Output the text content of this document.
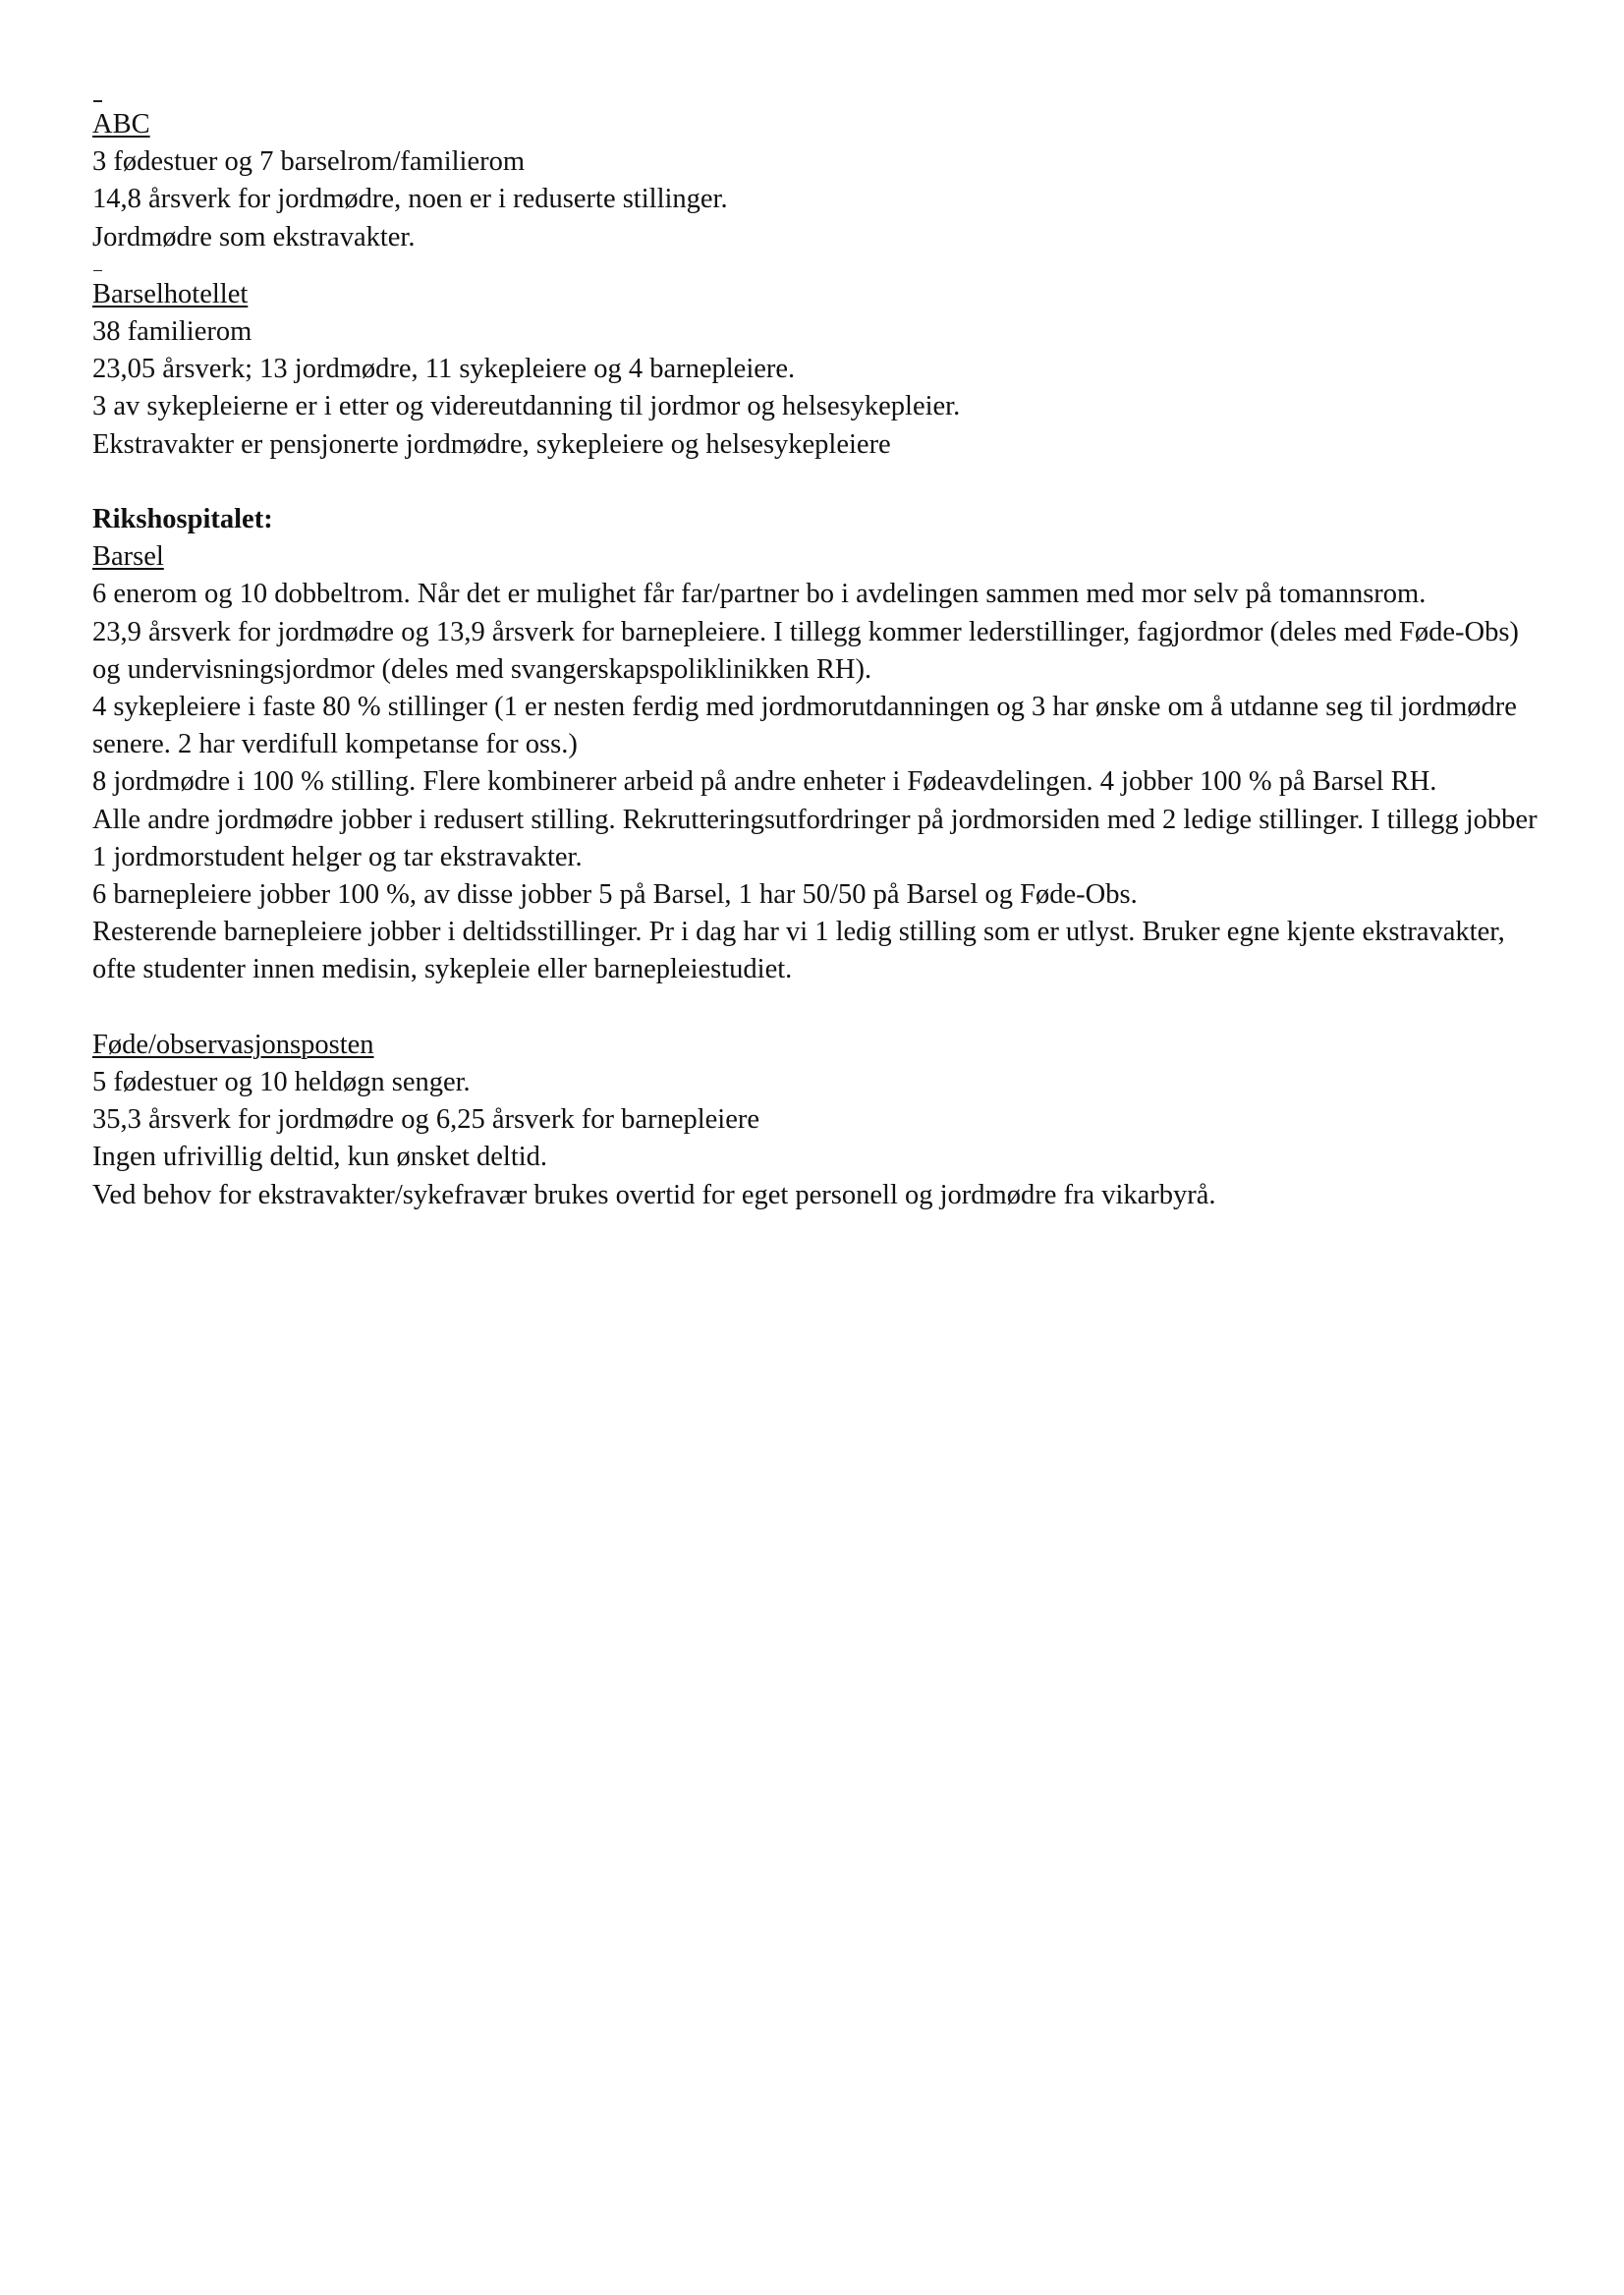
ABC

3 fødestuer og 7 barselrom/familierom

14,8 årsverk for jordmødre, noen er i reduserte stillinger.

Jordmødre som ekstravakter.

Barselhotellet

38 familierom

23,05 årsverk; 13 jordmødre, 11 sykepleiere og 4 barnepleiere.

3 av sykepleierne er i etter og videreutdanning til jordmor og helsesykepleier.

Ekstravakter er pensjonerte jordmødre, sykepleiere og helsesykepleiere

Rikshospitalet:

Barsel

6 enerom og 10 dobbeltrom. Når det er mulighet får far/partner bo i avdelingen sammen med mor selv på tomannsrom.

23,9 årsverk for jordmødre og 13,9 årsverk for barnepleiere. I tillegg kommer lederstillinger, fagjordmor (deles med Føde-Obs) og undervisningsjordmor (deles med svangerskapspoliklinikken RH).

4 sykepleiere i faste 80 % stillinger (1 er nesten ferdig med jordmorutdanningen og 3 har ønske om å utdanne seg til jordmødre senere. 2 har verdifull kompetanse for oss.)

8 jordmødre i 100 % stilling. Flere kombinerer arbeid på andre enheter i Fødeavdelingen. 4 jobber 100 % på Barsel RH.

Alle andre jordmødre jobber i redusert stilling. Rekrutteringsutfordringer på jordmorsiden med 2 ledige stillinger. I tillegg jobber 1 jordmorstudent helger og tar ekstravakter.

6 barnepleiere jobber 100 %, av disse jobber 5 på Barsel, 1 har 50/50 på Barsel og Føde-Obs.

Resterende barnepleiere jobber i deltidsstillinger. Pr i dag har vi 1 ledig stilling som er utlyst. Bruker egne kjente ekstravakter, ofte studenter innen medisin, sykepleie eller barnepleiestudiet.

Føde/observasjonsposten

5 fødestuer og 10 heldøgn senger.

35,3 årsverk for jordmødre og 6,25 årsverk for barnepleiere

Ingen ufrivillig deltid, kun ønsket deltid.

Ved behov for ekstravakter/sykefravær brukes overtid for eget personell og jordmødre fra vikarbyrå.
